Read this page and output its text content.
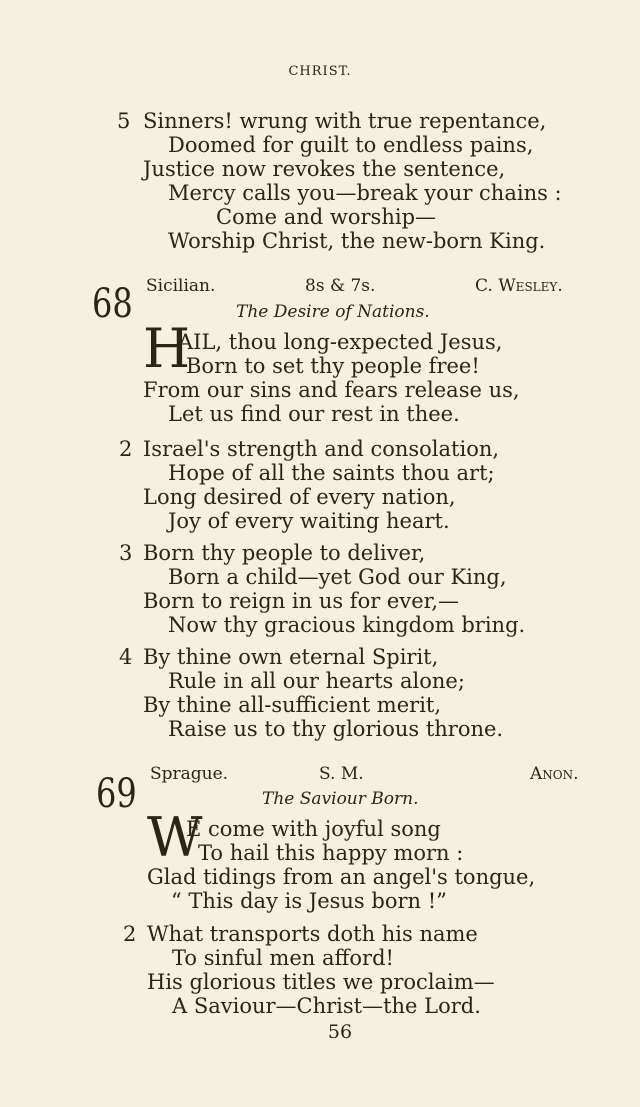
CHRIST.
5 Sinners! wrung with true repentance,
Doomed for guilt to endless pains,
Justice now revokes the sentence,
Mercy calls you—break your chains :
Come and worship—
Worship Christ, the new-born King.
68 Sicilian.	8s & 7s.	C. Wesley.
The Desire of Nations.
H
AIL, thou long-expected Jesus,
Born to set thy people free!
From our sins and fears release us,
Let us find our rest in thee.
2 Israel's strength and consolation,
Hope of all the saints thou art;
Long desired of every nation,
Joy of every waiting heart.
3 Born thy people to deliver,
Born a child—yet God our King,
Born to reign in us for ever,—
Now thy gracious kingdom bring.
4 By thine own eternal Spirit,
Rule in all our hearts alone;
By thine all-sufficient merit,
Raise us to thy glorious throne.
69 Sprague.	S. M.	Anon.
The Saviour Born.
W
E come with joyful song
To hail this happy morn :
Glad tidings from an angel's tongue,
“ This day is Jesus born !”
2 What transports doth his name
To sinful men afford!
His glorious titles we proclaim—
A Saviour—Christ—the Lord.
56
